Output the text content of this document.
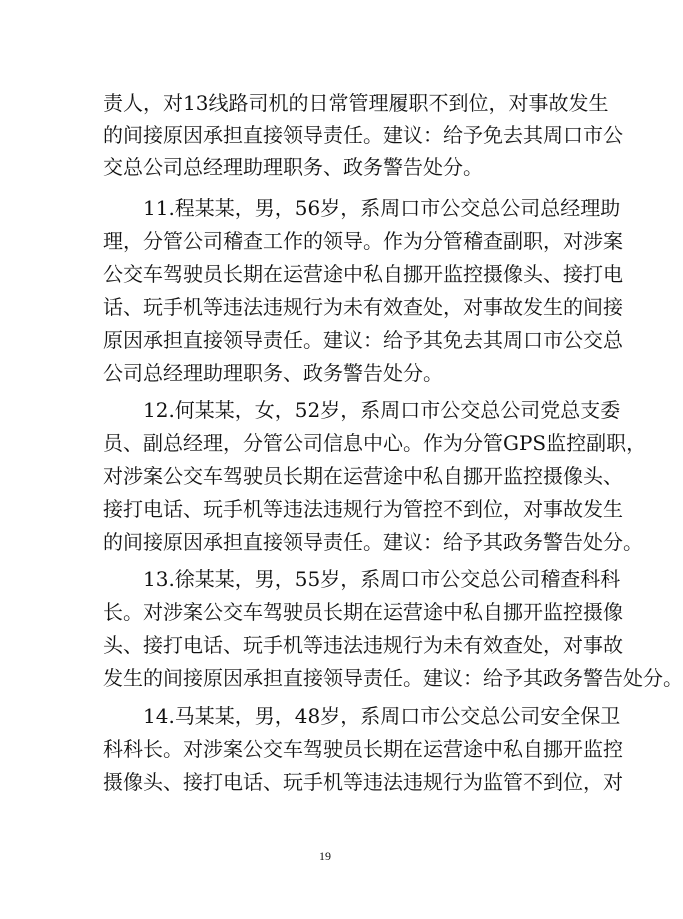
责人，对13线路司机的日常管理履职不到位，对事故发生
的间接原因承担直接领导责任。建议：给予免去其周口市公
交总公司总经理助理职务、政务警告处分。
11.程某某，男，56岁，系周口市公交总公司总经理助
理，分管公司稽查工作的领导。作为分管稽查副职，对涉案
公交车驾驶员长期在运营途中私自挪开监控摄像头、接打电
话、玩手机等违法违规行为未有效查处，对事故发生的间接
原因承担直接领导责任。建议：给予其免去其周口市公交总
公司总经理助理职务、政务警告处分。
12.何某某，女，52岁，系周口市公交总公司党总支委
员、副总经理，分管公司信息中心。作为分管GPS监控副职，
对涉案公交车驾驶员长期在运营途中私自挪开监控摄像头、
接打电话、玩手机等违法违规行为管控不到位，对事故发生
的间接原因承担直接领导责任。建议：给予其政务警告处分。
13.徐某某，男，55岁，系周口市公交总公司稽查科科
长。对涉案公交车驾驶员长期在运营途中私自挪开监控摄像
头、接打电话、玩手机等违法违规行为未有效查处，对事故
发生的间接原因承担直接领导责任。建议：给予其政务警告处分。
14.马某某，男，48岁，系周口市公交总公司安全保卫
科科长。对涉案公交车驾驶员长期在运营途中私自挪开监控
摄像头、接打电话、玩手机等违法违规行为监管不到位，对
19
